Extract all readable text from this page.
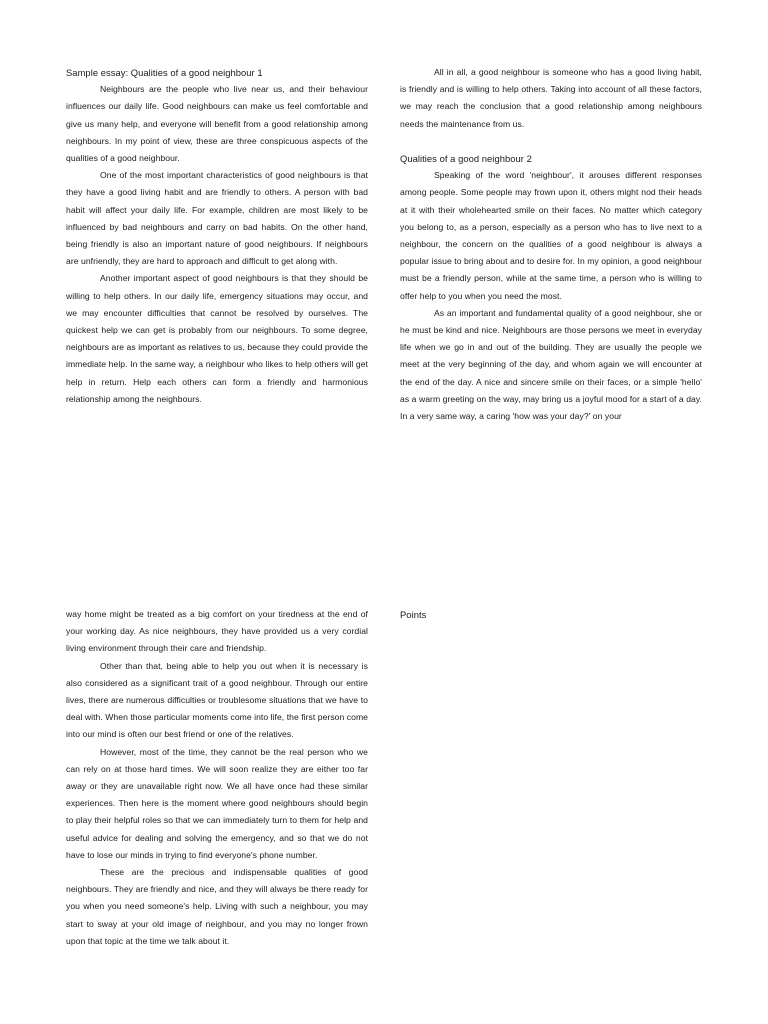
Sample essay: Qualities of a good neighbour 1

Neighbours are the people who live near us, and their behaviour influences our daily life. Good neighbours can make us feel comfortable and give us many help, and everyone will benefit from a good relationship among neighbours. In my point of view, these are three conspicuous aspects of the qualities of a good neighbour.

One of the most important characteristics of good neighbours is that they have a good living habit and are friendly to others. A person with bad habit will affect your daily life. For example, children are most likely to be influenced by bad neighbours and carry on bad habits. On the other hand, being friendly is also an important nature of good neighbours. If neighbours are unfriendly, they are hard to approach and difficult to get along with.

Another important aspect of good neighbours is that they should be willing to help others. In our daily life, emergency situations may occur, and we may encounter difficulties that cannot be resolved by ourselves. The quickest help we can get is probably from our neighbours. To some degree, neighbours are as important as relatives to us, because they could provide the immediate help. In the same way, a neighbour who likes to help others will get help in return. Help each others can form a friendly and harmonious relationship among the neighbours.

All in all, a good neighbour is someone who has a good living habit, is friendly and is willing to help others. Taking into account of all these factors, we may reach the conclusion that a good relationship among neighbours needs the maintenance from us.

Qualities of a good neighbour 2

Speaking of the word 'neighbour', it arouses different responses among people. Some people may frown upon it, others might nod their heads at it with their wholehearted smile on their faces. No matter which category you belong to, as a person, especially as a person who has to live next to a neighbour, the concern on the qualities of a good neighbour is always a popular issue to bring about and to desire for. In my opinion, a good neighbour must be a friendly person, while at the same time, a person who is willing to offer help to you when you need the most.

As an important and fundamental quality of a good neighbour, she or he must be kind and nice. Neighbours are those persons we meet in everyday life when we go in and out of the building. They are usually the people we meet at the very beginning of the day, and whom again we will encounter at the end of the day. A nice and sincere smile on their faces, or a simple 'hello' as a warm greeting on the way, may bring us a joyful mood for a start of a day. In a very same way, a caring 'how was your day?' on your

way home might be treated as a big comfort on your tiredness at the end of your working day. As nice neighbours, they have provided us a very cordial living environment through their care and friendship.

Other than that, being able to help you out when it is necessary is also considered as a significant trait of a good neighbour. Through our entire lives, there are numerous difficulties or troublesome situations that we have to deal with. When those particular moments come into life, the first person come into our mind is often our best friend or one of the relatives.

However, most of the time, they cannot be the real person who we can rely on at those hard times. We will soon realize they are either too far away or they are unavailable right now. We all have once had these similar experiences. Then here is the moment where good neighbours should begin to play their helpful roles so that we can immediately turn to them for help and useful advice for dealing and solving the emergency, and so that we do not have to lose our minds in trying to find everyone's phone number.

These are the precious and indispensable qualities of good neighbours. They are friendly and nice, and they will always be there ready for you when you need someone's help. Living with such a neighbour, you may start to sway at your old image of neighbour, and you may no longer frown upon that topic at the time we talk about it.

Points
